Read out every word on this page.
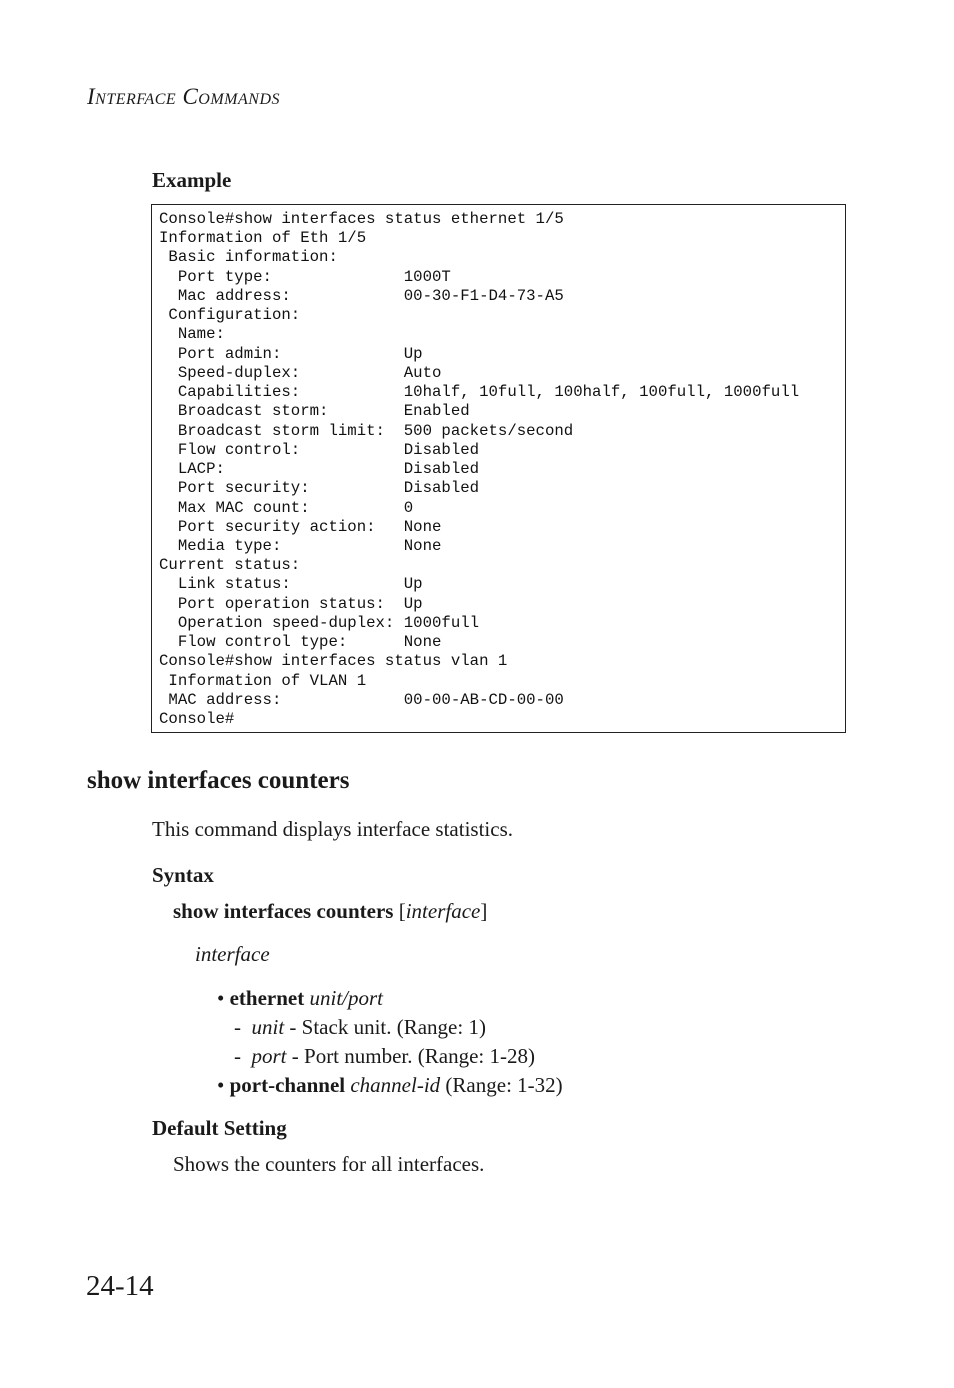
Interface Commands

Example

Console#show interfaces status ethernet 1/5
Information of Eth 1/5
Basic information:
Port type:              1000T
Mac address:            00-30-F1-D4-73-A5
Configuration:
Name:
Port admin:             Up
Speed-duplex:           Auto
Capabilities:           10half, 10full, 100half, 100full, 1000full
Broadcast storm:        Enabled
Broadcast storm limit:  500 packets/second
Flow control:           Disabled
LACP:                   Disabled
Port security:          Disabled
Max MAC count:          0
Port security action:   None
Media type:             None
Current status:
Link status:            Up
Port operation status:  Up
Operation speed-duplex: 1000full
Flow control type:      None
Console#show interfaces status vlan 1
Information of VLAN 1
MAC address:             00-00-AB-CD-00-00
Console#
show interfaces counters

This command displays interface statistics.

Syntax

show interfaces counters [interface]

interface

• ethernet unit/port

- unit - Stack unit. (Range: 1)

- port - Port number. (Range: 1-28)

• port-channel channel-id (Range: 1-32)

Default Setting

Shows the counters for all interfaces.

24-14
